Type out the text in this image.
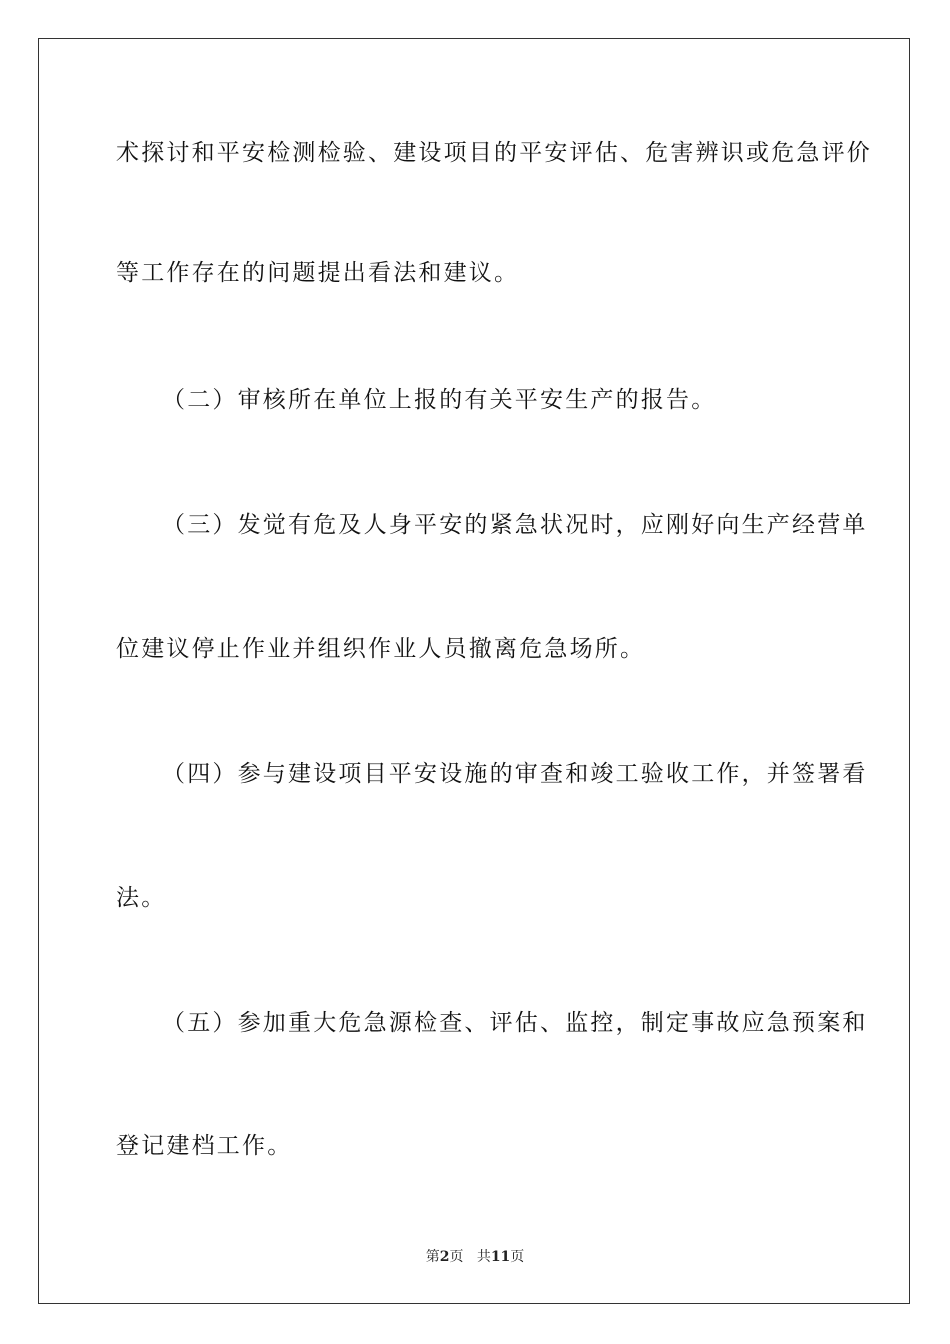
术探讨和平安检测检验、建设项目的平安评估、危害辨识或危急评价
等工作存在的问题提出看法和建议。
（二）审核所在单位上报的有关平安生产的报告。
（三）发觉有危及人身平安的紧急状况时，应刚好向生产经营单
位建议停止作业并组织作业人员撤离危急场所。
（四）参与建设项目平安设施的审查和竣工验收工作，并签署看
法。
（五）参加重大危急源检查、评估、监控，制定事故应急预案和
登记建档工作。
第2页 共11页
